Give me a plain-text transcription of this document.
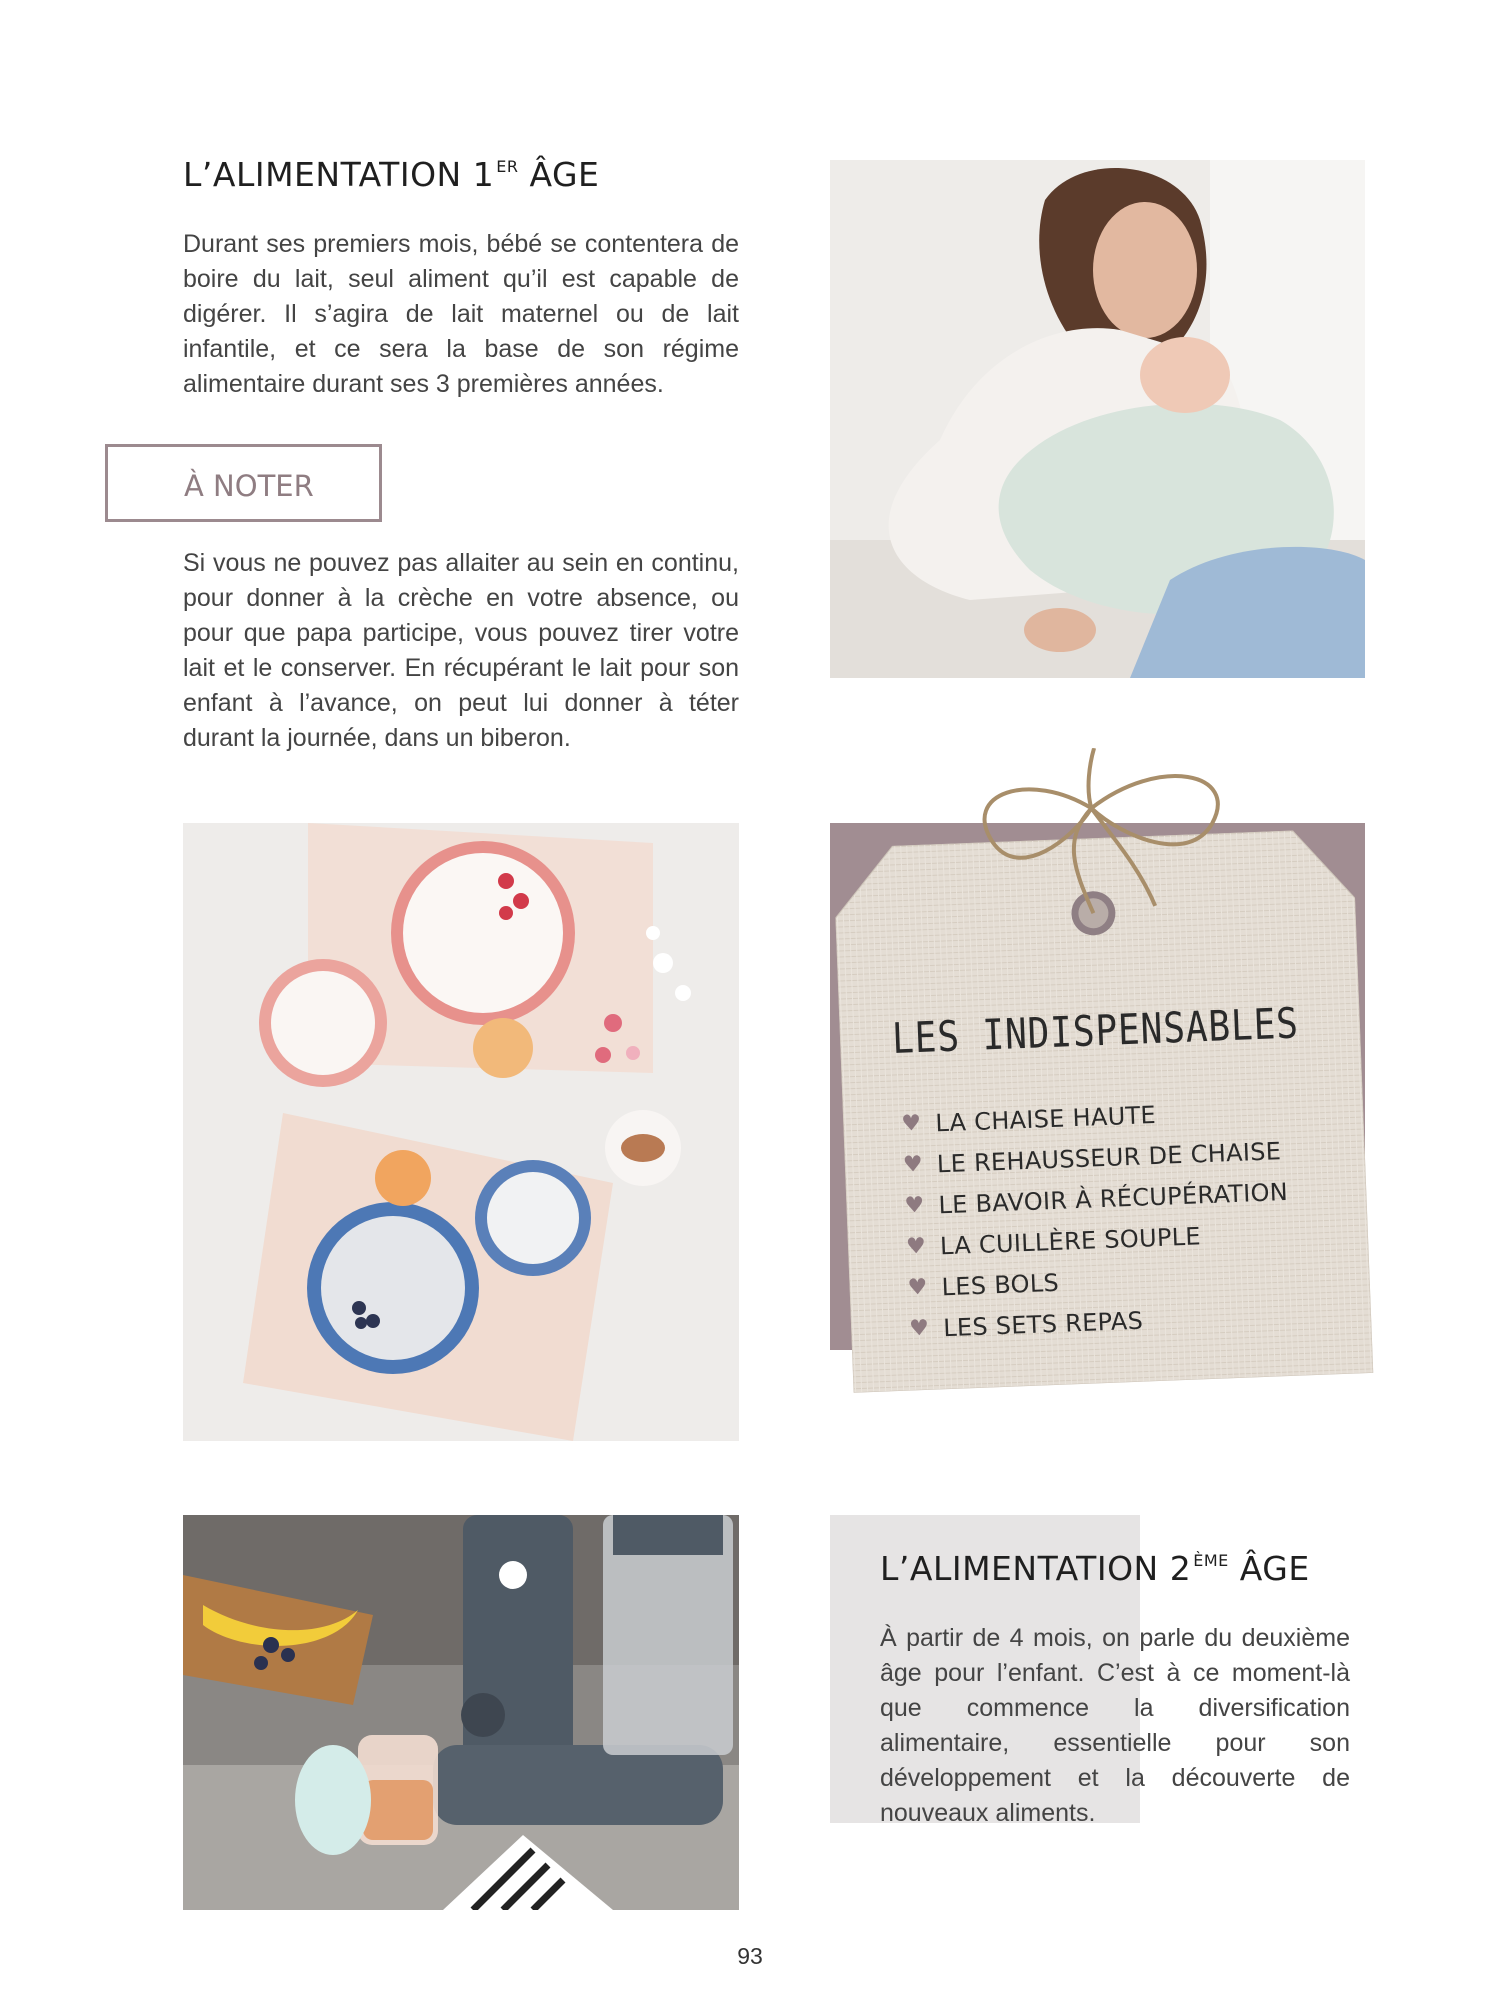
L’ALIMENTATION 1 $^{ER}$ ÂGE

Durant ses premiers mois, bébé se contentera de boire du lait, seul aliment qu’il est capable de digérer. Il s’agira de lait maternel ou de lait infantile, et ce sera la base de son régime alimentaire durant ses 3 premières années.

À NOTER

Si vous ne pouvez pas allaiter au sein en continu, pour donner à la crèche en votre absence, ou pour que papa participe, vous pouvez tirer votre lait et le conserver. En récupérant le lait pour son enfant à l’avance, on peut lui donner à téter durant la journée, dans un biberon.

LES INDISPENSABLES
♥ LA CHAISE HAUTE
♥ LE REHAUSSEUR DE CHAISE
♥ LE BAVOIR À RÉCUPÉRATION
♥ LA CUILLÈRE SOUPLE
♥ LES BOLS
♥ LES SETS REPAS
L’ALIMENTATION 2 $^{ÈME}$ ÂGE

À partir de 4 mois, on parle du deuxième âge pour l’enfant. C’est à ce moment-là que commence la diversification alimentaire, essentielle pour son développement et la découverte de nouveaux aliments.

93
